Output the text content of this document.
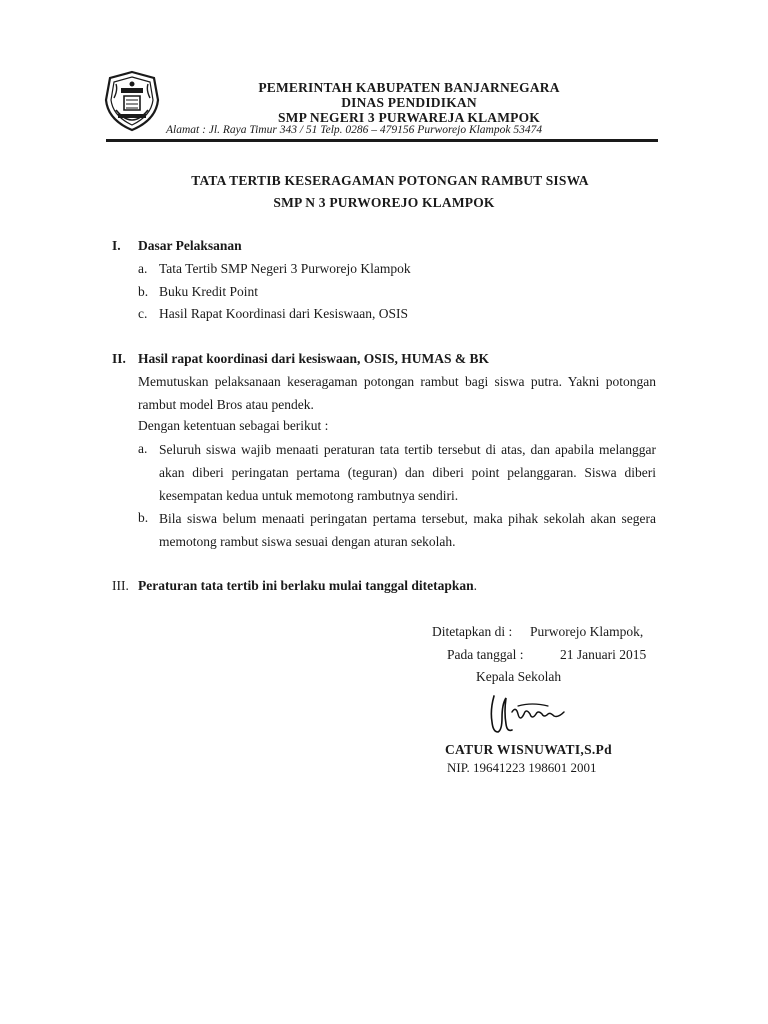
PEMERINTAH KABUPATEN BANJARNEGARA
DINAS PENDIDIKAN
SMP NEGERI 3 PURWAREJA KLAMPOK
Alamat : Jl. Raya Timur 343 / 51 Telp. 0286 – 479156 Purworejo Klampok 53474
TATA TERTIB KESERAGAMAN POTONGAN RAMBUT SISWA
SMP N 3 PURWOREJO KLAMPOK
I. Dasar Pelaksanan
a. Tata Tertib SMP Negeri 3 Purworejo Klampok
b. Buku Kredit Point
c. Hasil Rapat Koordinasi dari Kesiswaan, OSIS
II. Hasil rapat koordinasi dari kesiswaan, OSIS, HUMAS & BK
Memutuskan pelaksanaan keseragaman potongan rambut bagi siswa putra. Yakni potongan rambut model Bros atau pendek.
Dengan ketentuan sebagai berikut :
a. Seluruh siswa wajib menaati peraturan tata tertib tersebut di atas, dan apabila melanggar akan diberi peringatan pertama (teguran) dan diberi point pelanggaran. Siswa diberi kesempatan kedua untuk memotong rambutnya sendiri.
b. Bila siswa belum menaati peringatan pertama tersebut, maka pihak sekolah akan segera memotong rambut siswa sesuai dengan aturan sekolah.
III. Peraturan tata tertib ini berlaku mulai tanggal ditetapkan.
Ditetapkan di : Purworejo Klampok,
Pada tanggal :	21 Januari 2015
Kepala Sekolah
CATUR WISNUWATI,S.Pd
NIP. 19641223 198601 2001
